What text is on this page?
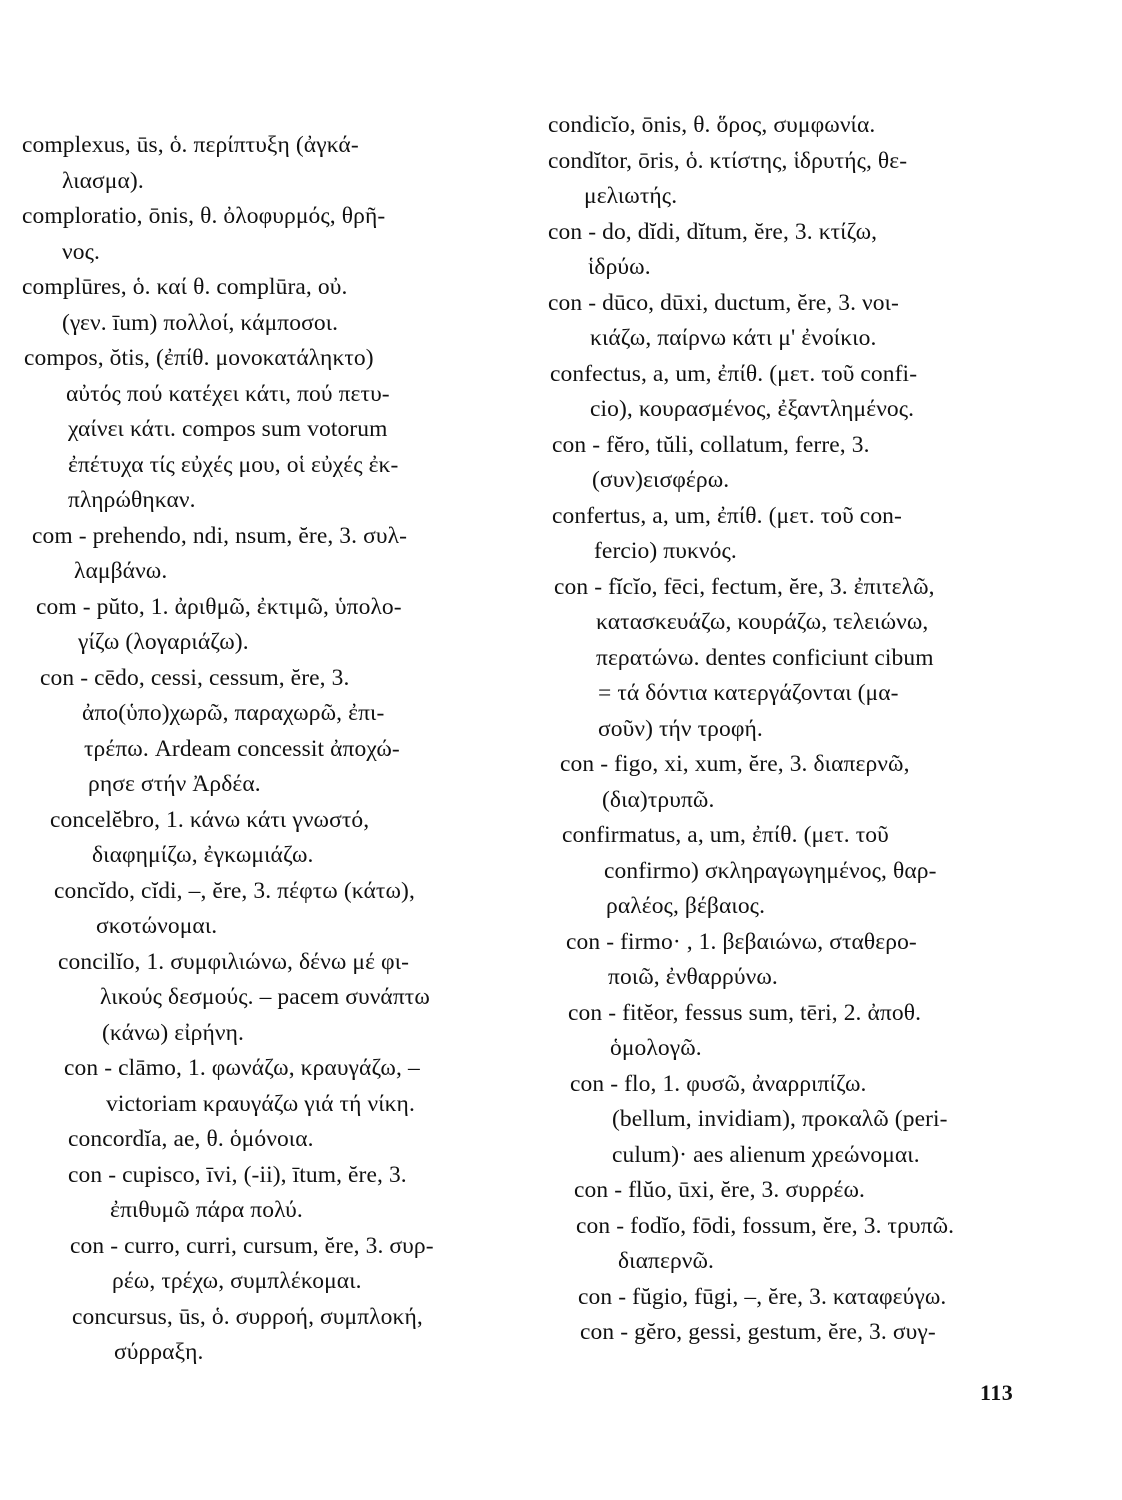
complexus, ūs, ὁ. περίπτυξη (ἀγκά-
λιασμα).
comploratio, ōnis, θ. ὀλοφυρμός, θρῆ-
νος.
complūres, ὁ. καί θ. complūra, οὐ.
(γεν. īum) πολλοί, κάμποσοι.
compos, ŏtis, (ἐπίθ. μονοκατάληκτο)
αὐτός πού κατέχει κάτι, πού πετυ-
χαίνει κάτι. compos sum votorum
ἐπέτυχα τίς εὐχές μου, οἱ εὐχές ἐκ-
πληρώθηκαν.
com - prehendo, ndi, nsum, ĕre, 3. συλ-
λαμβάνω.
com - pŭto, 1. ἀριθμῶ, ἐκτιμῶ, ὑπολο-
γίζω (λογαριάζω).
con - cēdo, cessi, cessum, ĕre, 3.
ἀπο(ὑπο)χωρῶ, παραχωρῶ, ἐπι-
τρέπω. Ardeam concessit ἀποχώ-
ρησε στήν Ἀρδέα.
concelĕbro, 1. κάνω κάτι γνωστό,
διαφημίζω, ἐγκωμιάζω.
concĭdo, cĭdi, –, ĕre, 3. πέφτω (κάτω),
σκοτώνομαι.
concilĭo, 1. συμφιλιώνω, δένω μέ φι-
λικούς δεσμούς. – pacem συνάπτω
(κάνω) εἰρήνη.
con - clāmo, 1. φωνάζω, κραυγάζω, –
victoriam κραυγάζω γιά τή νίκη.
concordĭa, ae, θ. ὁμόνοια.
con - cupisco, īvi, (-ii), ītum, ĕre, 3.
ἐπιθυμῶ πάρα πολύ.
con - curro, curri, cursum, ĕre, 3. συρ-
ρέω, τρέχω, συμπλέκομαι.
concursus, ūs, ὁ. συρροή, συμπλοκή,
σύρραξη.
condicĭo, ōnis, θ. ὅρος, συμφωνία.
condĭtor, ōris, ὁ. κτίστης, ἱδρυτής, θε-
μελιωτής.
con - do, dĭdi, dĭtum, ĕre, 3. κτίζω,
ἱδρύω.
con - dūco, dūxi, ductum, ĕre, 3. νοι-
κιάζω, παίρνω κάτι μ' ἐνοίκιο.
confectus, a, um, ἐπίθ. (μετ. τοῦ confi-
cio), κουρασμένος, ἐξαντλημένος.
con - fĕro, tŭli, collatum, ferre, 3.
(συν)εισφέρω.
confertus, a, um, ἐπίθ. (μετ. τοῦ con-
fercio) πυκνός.
con - fĭcĭo, fēci, fectum, ĕre, 3. ἐπιτελῶ,
κατασκευάζω, κουράζω, τελειώνω,
περατώνω. dentes conficiunt cibum
= τά δόντια κατεργάζονται (μα-
σοῦν) τήν τροφή.
con - figo, xi, xum, ĕre, 3. διαπερνῶ,
(δια)τρυπῶ.
confirmatus, a, um, ἐπίθ. (μετ. τοῦ
confirmo) σκληραγωγημένος, θαρ-
ραλέος, βέβαιος.
con - firmo· , 1. βεβαιώνω, σταθερο-
ποιῶ, ἐνθαρρύνω.
con - fitĕor, fessus sum, tēri, 2. ἀποθ.
ὁμολογῶ.
con - flo, 1. φυσῶ, ἀναρριπίζω.
(bellum, invidiam), προκαλῶ (peri-
culum)· aes alienum χρεώνομαι.
con - flŭo, ūxi, ĕre, 3. συρρέω.
con - fodĭo, fōdi, fossum, ĕre, 3. τρυπῶ.
διαπερνῶ.
con - fŭgio, fūgi, –, ĕre, 3. καταφεύγω.
con - gĕro, gessi, gestum, ĕre, 3. συγ-
113
